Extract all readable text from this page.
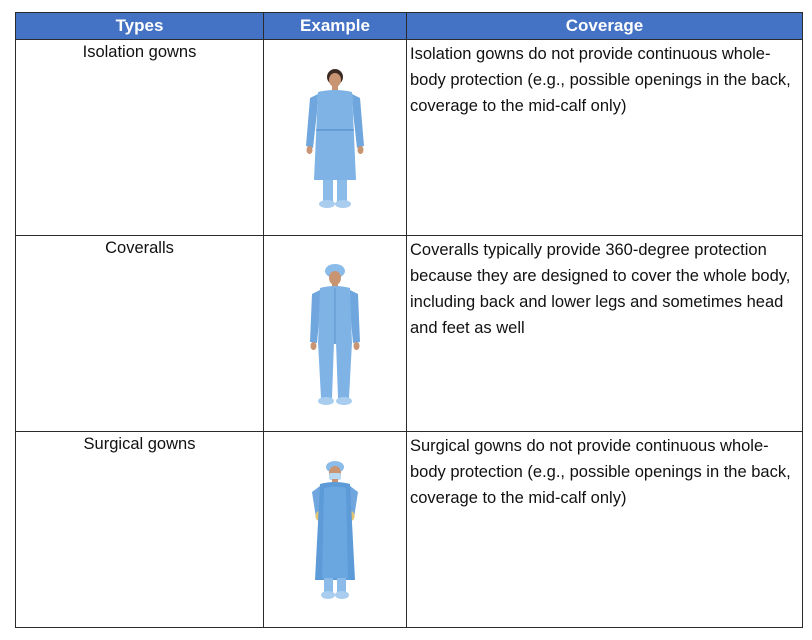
Types	Example	Coverage

Isolation gowns		Isolation gowns do not provide continuous whole-body protection (e.g., possible openings in the back, coverage to the mid-calf only)

Coveralls		Coveralls typically provide 360-degree protection because they are designed to cover the whole body, including back and lower legs and sometimes head and feet as well

Surgical gowns		Surgical gowns do not provide continuous whole-body protection (e.g., possible openings in the back, coverage to the mid-calf only)
